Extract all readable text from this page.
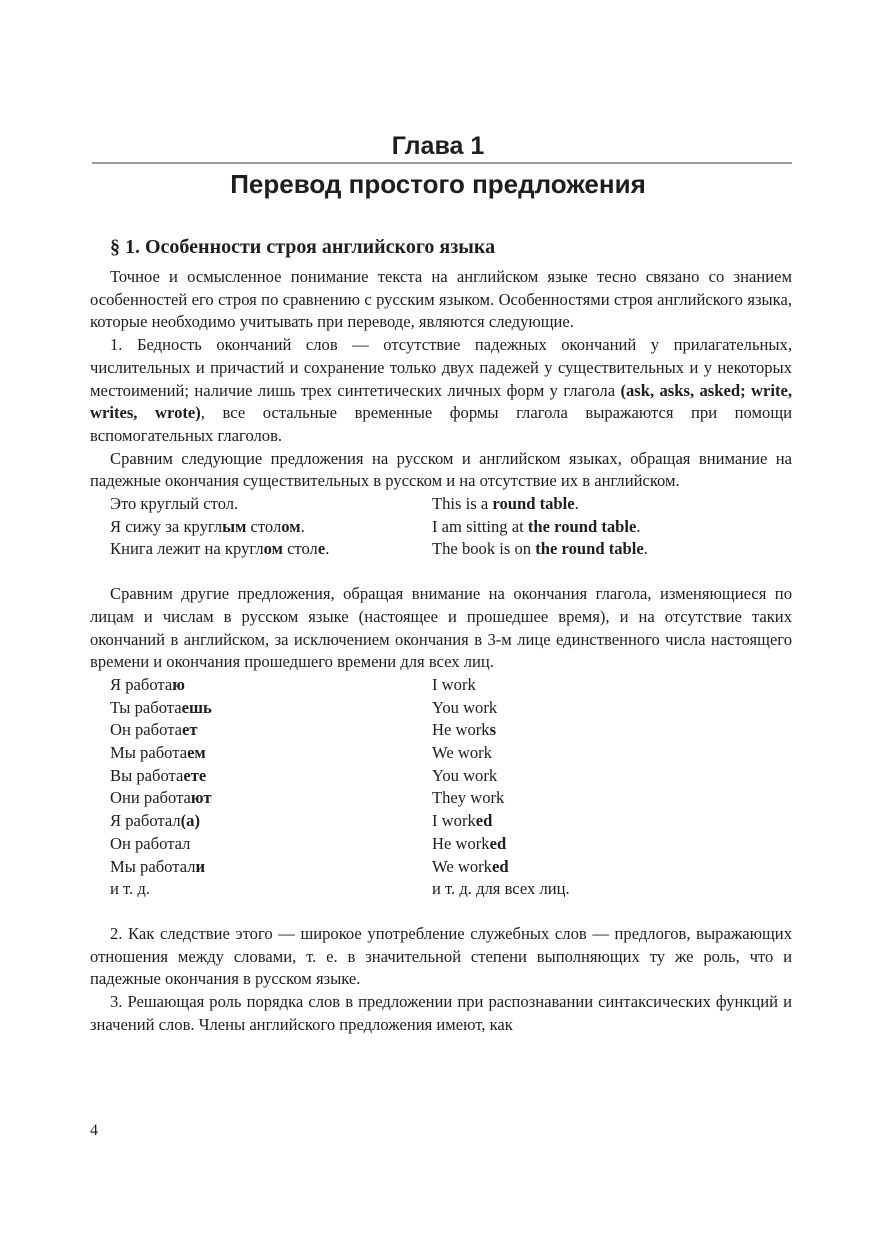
Глава 1
Перевод простого предложения
§ 1. Особенности строя английского языка

Точное и осмысленное понимание текста на английском языке тесно связано со знанием особенностей его строя по сравнению с русским языком. Особенностями строя английского языка, которые необходимо учитывать при переводе, являются следующие.

1. Бедность окончаний слов — отсутствие падежных окончаний у прилагательных, числительных и причастий и сохранение только двух падежей у существительных и у некоторых местоимений; наличие лишь трех синтетических личных форм у глагола (ask, asks, asked; write, writes, wrote), все остальные временные формы глагола выражаются при помощи вспомогательных глаголов.

Сравним следующие предложения на русском и английском языках, обращая внимание на падежные окончания существительных в русском и на отсутствие их в английском.

Это круглый стол.	This is a round table.
Я сижу за круглым столом.	I am sitting at the round table.
Книга лежит на круглом столе.	The book is on the round table.

Сравним другие предложения, обращая внимание на окончания глагола, изменяющиеся по лицам и числам в русском языке (настоящее и прошедшее время), и на отсутствие таких окончаний в английском, за исключением окончания в 3-м лице единственного числа настоящего времени и окончания прошедшего времени для всех лиц.

Я работаю	I work
Ты работаешь	You work
Он работает	He works
Мы работаем	We work
Вы работаете	You work
Они работают	They work
Я работал(а)	I worked
Он работал	He worked
Мы работали	We worked
и т. д.	и т. д. для всех лиц.

2. Как следствие этого — широкое употребление служебных слов — предлогов, выражающих отношения между словами, т. е. в значительной степени выполняющих ту же роль, что и падежные окончания в русском языке.

3. Решающая роль порядка слов в предложении при распознавании синтаксических функций и значений слов. Члены английского предложения имеют, как

4
